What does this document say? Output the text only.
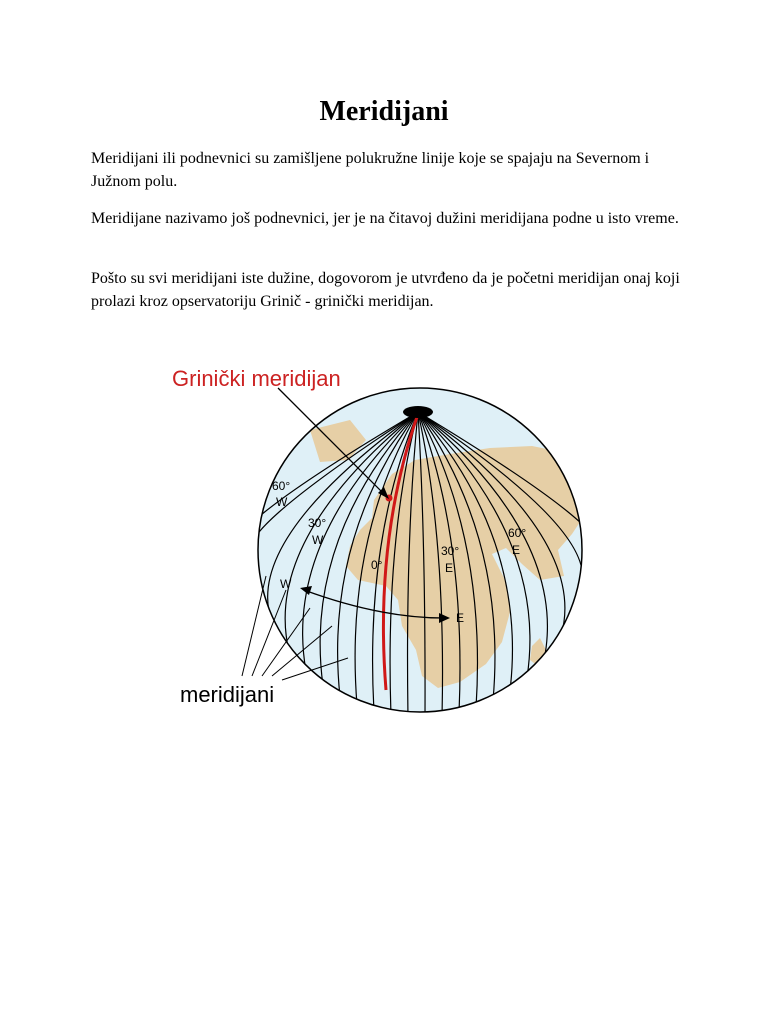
Meridijani

Meridijani ili podnevnici su zamišljene polukružne linije koje se spajaju na Severnom i Južnom polu.

Meridijane nazivamo još podnevnici, jer je na čitavoj dužini meridijana podne u isto vreme.

Pošto su svi meridijani iste dužine, dogovorom je utvrđeno da je početni meridijan onaj koji prolazi kroz opservatoriju Grinič - grinički meridijan.

Grinički meridijan
60°
W
30°
W
0°
30°
E
60°
E
W
E
meridijani
